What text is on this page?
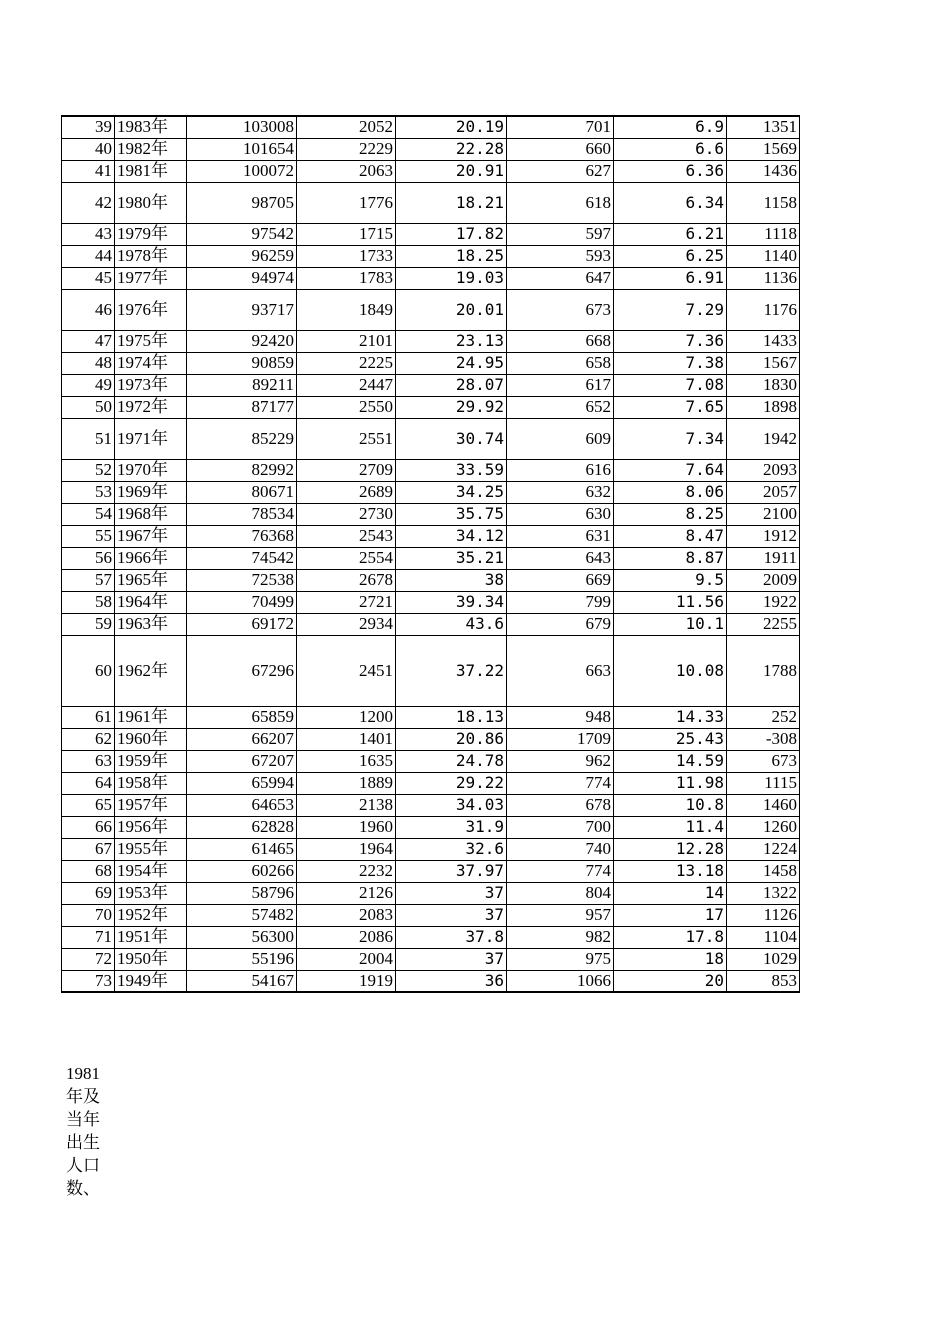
39	1983年	103008	2052	20.19	701	6.9	1351
40	1982年	101654	2229	22.28	660	6.6	1569
41	1981年	100072	2063	20.91	627	6.36	1436
42	1980年	98705	1776	18.21	618	6.34	1158
43	1979年	97542	1715	17.82	597	6.21	1118
44	1978年	96259	1733	18.25	593	6.25	1140
45	1977年	94974	1783	19.03	647	6.91	1136
46	1976年	93717	1849	20.01	673	7.29	1176
47	1975年	92420	2101	23.13	668	7.36	1433
48	1974年	90859	2225	24.95	658	7.38	1567
49	1973年	89211	2447	28.07	617	7.08	1830
50	1972年	87177	2550	29.92	652	7.65	1898
51	1971年	85229	2551	30.74	609	7.34	1942
52	1970年	82992	2709	33.59	616	7.64	2093
53	1969年	80671	2689	34.25	632	8.06	2057
54	1968年	78534	2730	35.75	630	8.25	2100
55	1967年	76368	2543	34.12	631	8.47	1912
56	1966年	74542	2554	35.21	643	8.87	1911
57	1965年	72538	2678	38	669	9.5	2009
58	1964年	70499	2721	39.34	799	11.56	1922
59	1963年	69172	2934	43.6	679	10.1	2255
60	1962年	67296	2451	37.22	663	10.08	1788
61	1961年	65859	1200	18.13	948	14.33	252
62	1960年	66207	1401	20.86	1709	25.43	-308
63	1959年	67207	1635	24.78	962	14.59	673
64	1958年	65994	1889	29.22	774	11.98	1115
65	1957年	64653	2138	34.03	678	10.8	1460
66	1956年	62828	1960	31.9	700	11.4	1260
67	1955年	61465	1964	32.6	740	12.28	1224
68	1954年	60266	2232	37.97	774	13.18	1458
69	1953年	58796	2126	37	804	14	1322
70	1952年	57482	2083	37	957	17	1126
71	1951年	56300	2086	37.8	982	17.8	1104
72	1950年	55196	2004	37	975	18	1029
73	1949年	54167	1919	36	1066	20	853
1981年及当年出生人口数、
